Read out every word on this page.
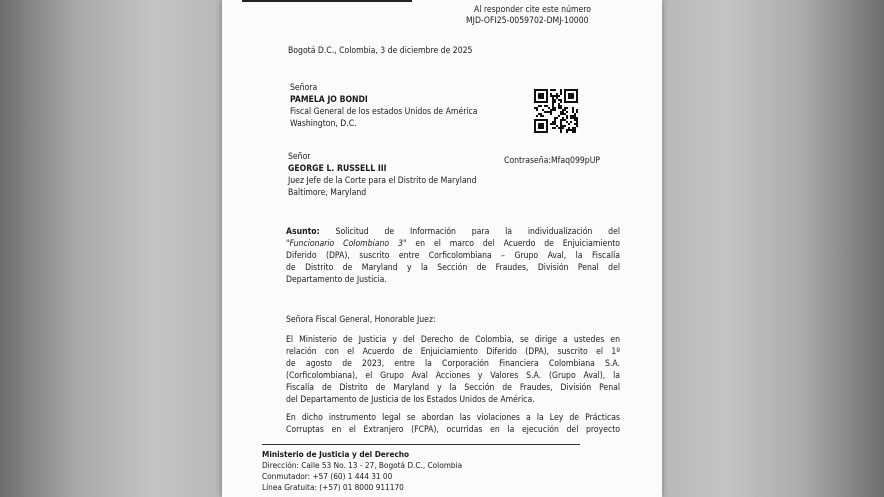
Al responder cite este número
MJD-OFI25-0059702-DMJ-10000
Bogotá D.C., Colombia, 3 de diciembre de 2025
Señora
PAMELA JO BONDI
Fiscal General de los estados Unidos de América
Washington, D.C.
Señor
GEORGE L. RUSSELL III
Juez Jefe de la Corte para el Distrito de Maryland
Baltimore, Maryland
Contraseña:Mfaq099pUP
Asunto: Solicitud de Información para la individualización del
"Funcionario Colombiano 3" en el marco del Acuerdo de Enjuiciamiento
Diferido (DPA), suscrito entre Corficolombiana – Grupo Aval, la Fiscalía
de Distrito de Maryland y la Sección de Fraudes, División Penal del
Departamento de Justicia.
Señora Fiscal General, Honorable Juez:
El Ministerio de Justicia y del Derecho de Colombia, se dirige a ustedes en
relación con el Acuerdo de Enjuiciamiento Diferido (DPA), suscrito el 1º
de agosto de 2023, entre la Corporación Financiera Colombiana S.A.
(Corficolombiana), el Grupo Aval Acciones y Valores S.A. (Grupo Aval), la
Fiscalía de Distrito de Maryland y la Sección de Fraudes, División Penal
del Departamento de Justicia de los Estados Unidos de América.
En dicho instrumento legal se abordan las violaciones a la Ley de Prácticas
Corruptas en el Extranjero (FCPA), ocurridas en la ejecución del proyecto
Ministerio de Justicia y del Derecho
Dirección: Calle 53 No. 13 - 27, Bogotá D.C., Colombia
Conmutador: +57 (60) 1 444 31 00
Línea Gratuita: (+57) 01 8000 911170
